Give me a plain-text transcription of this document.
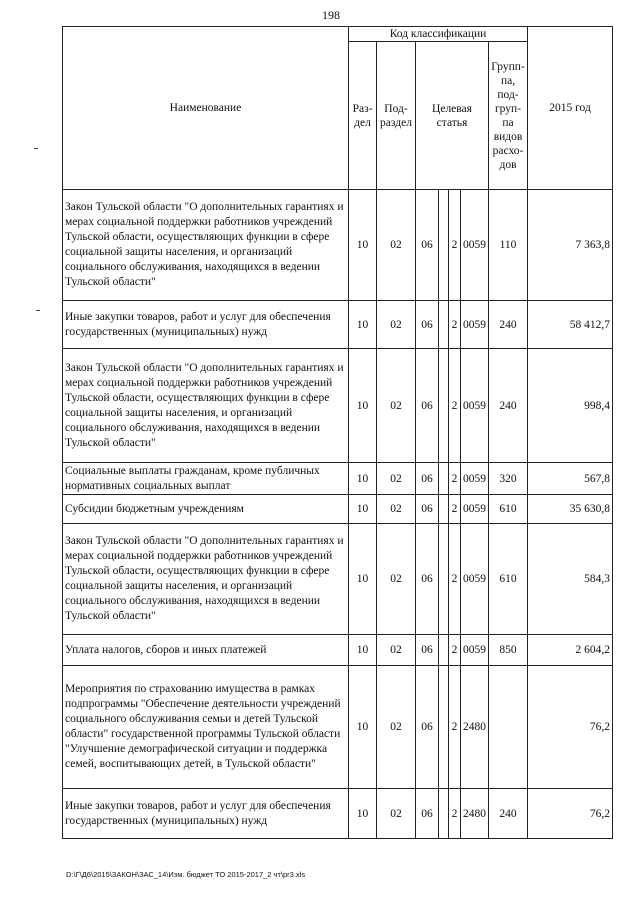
198
Наименование	Код классификации							2015 год
	Раз-дел	Под-раздел	Целевая статья				Групп-па, под-груп-па видов расхо-дов	
Закон Тульской области "О дополнительных гарантиях и мерах социальной поддержки работников учреждений Тульской области, осуществляющих функции в сфере социальной защиты населения, и организаций социального обслуживания, находящихся в ведении Тульской области"	10	02	06		2	0059	110	7 363,8
Иные закупки товаров, работ и услуг для обеспечения государственных (муниципальных) нужд	10	02	06		2	0059	240	58 412,7
Закон Тульской области "О дополнительных гарантиях и мерах социальной поддержки работников учреждений Тульской области, осуществляющих функции в сфере социальной защиты населения, и организаций социального обслуживания, находящихся в ведении Тульской области"	10	02	06		2	0059	240	998,4
Социальные выплаты гражданам, кроме публичных нормативных социальных выплат	10	02	06		2	0059	320	567,8
Субсидии бюджетным учреждениям	10	02	06		2	0059	610	35 630,8
Закон Тульской области "О дополнительных гарантиях и мерах социальной поддержки работников учреждений Тульской области, осуществляющих функции в сфере социальной защиты населения, и организаций социального обслуживания, находящихся в ведении Тульской области"	10	02	06		2	0059	610	584,3
Уплата налогов, сборов и иных платежей	10	02	06		2	0059	850	2 604,2
Мероприятия по страхованию имущества в рамках подпрограммы "Обеспечение деятельности учреждений социального обслуживания семьи и детей Тульской области" государственной программы Тульской области "Улучшение демографической ситуации и поддержка семей, воспитывающих детей, в Тульской области"	10	02	06		2	2480		76,2
Иные закупки товаров, работ и услуг для обеспечения государственных (муниципальных) нужд	10	02	06		2	2480	240	76,2
D:\Г\Д6\2015\ЗАКОН\ЗАС_14\Изм. бюджет ТО 2015-2017_2 чт\pr3.xls
